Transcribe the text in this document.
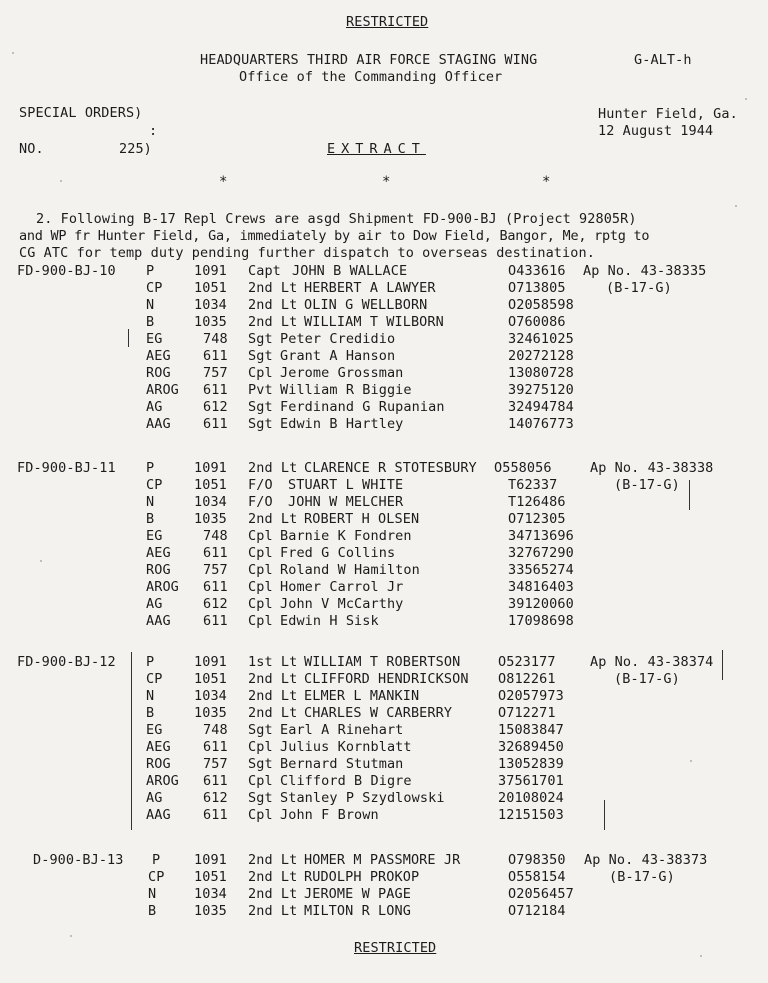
RESTRICTED
HEADQUARTERS THIRD AIR FORCE STAGING WING	G-ALT-h
Office of the Commanding Officer
SPECIAL ORDERS)
:
NO.	225)
Hunter Field, Ga.
12 August 1944
EXTRACT
*	*	*
2. Following B-17 Repl Crews are asgd Shipment FD-900-BJ (Project 92805R)
and WP fr Hunter Field, Ga, immediately by air to Dow Field, Bangor, Me, rptg to
CG ATC for temp duty pending further dispatch to overseas destination.
FD-900-BJ-10	Ap No. 43-38335
(B-17-G)
P	1091 Capt JOHN B WALLACE	O433616
CP 1051 2nd Lt HERBERT A LAWYER	O713805
N	1034 2nd Lt OLIN G WELLBORN	O2058598
B	1035 2nd Lt WILLIAM T WILBORN	O760086
EG	748 Sgt Peter Credidio	32461025
AEG 611 Sgt Grant A Hanson	20272128
ROG 757 Cpl Jerome Grossman	13080728
AROG 611 Pvt William R Biggie	39275120
AG	612 Sgt Ferdinand G Rupanian	32494784
AAG 611 Sgt Edwin B Hartley	14076773
FD-900-BJ-11	Ap No. 43-38338
(B-17-G)
P	1091 2nd Lt CLARENCE R STOTESBURY O558056
CP 1051 F/O STUART L WHITE	T62337
N	1034 F/O JOHN W MELCHER	T126486
B	1035 2nd Lt ROBERT H OLSEN	O712305
EG	748 Cpl Barnie K Fondren	34713696
AEG 611 Cpl Fred G Collins	32767290
ROG 757 Cpl Roland W Hamilton	33565274
AROG 611 Cpl Homer Carrol Jr	34816403
AG	612 Cpl John V McCarthy	39120060
AAG 611 Cpl Edwin H Sisk	17098698
FD-900-BJ-12	Ap No. 43-38374
(B-17-G)
P	1091 1st Lt WILLIAM T ROBERTSON	O523177
CP 1051 2nd Lt CLIFFORD HENDRICKSON O812261
N	1034 2nd Lt ELMER L MANKIN	O2057973
B	1035 2nd Lt CHARLES W CARBERRY	O712271
EG	748 Sgt Earl A Rinehart	15083847
AEG 611 Cpl Julius Kornblatt	32689450
ROG 757 Sgt Bernard Stutman	13052839
AROG 611 Cpl Clifford B Digre	37561701
AG	612 Sgt Stanley P Szydlowski	20108024
AAG 611 Cpl John F Brown	12151503
D-900-BJ-13	Ap No. 43-38373
(B-17-G)
P	1091 2nd Lt HOMER M PASSMORE JR	O798350
CP 1051 2nd Lt RUDOLPH PROKOP	O558154
N	1034 2nd Lt JEROME W PAGE	O2056457
B	1035 2nd Lt MILTON R LONG	O712184
RESTRICTED
